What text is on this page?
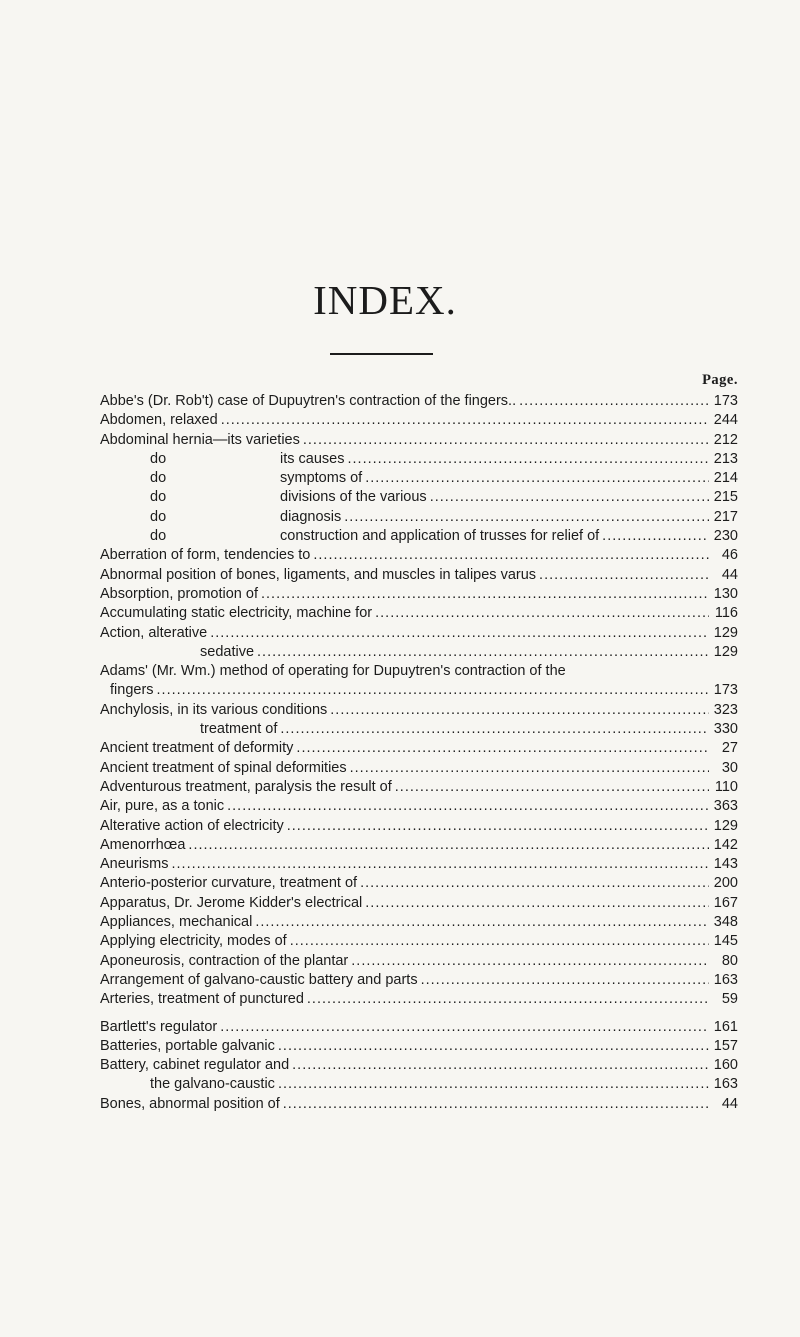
INDEX.
Page.
Abbe's (Dr. Rob't) case of Dupuytren's contraction of the fingers.. .....	173
Abdomen, relaxed .....	244
Abdominal hernia—its varieties .....	212
do	its causes .....	213
do	symptoms of .....	214
do	divisions of the various .....	215
do	diagnosis .....	217
do	construction and application of trusses for relief of .....	230
Aberration of form, tendencies to .....	46
Abnormal position of bones, ligaments, and muscles in talipes varus .....	44
Absorption, promotion of .....	130
Accumulating static electricity, machine for .....	116
Action, alterative .....	129
sedative .....	129
Adams' (Mr. Wm.) method of operating for Dupuytren's contraction of the
fingers .....	173
Anchylosis, in its various conditions .....	323
treatment of .....	330
Ancient treatment of deformity .....	27
Ancient treatment of spinal deformities .....	30
Adventurous treatment, paralysis the result of .....	110
Air, pure, as a tonic .....	363
Alterative action of electricity .....	129
Amenorrhœa .....	142
Aneurisms .....	143
Anterio-posterior curvature, treatment of .....	200
Apparatus, Dr. Jerome Kidder's electrical .....	167
Appliances, mechanical .....	348
Applying electricity, modes of .....	145
Aponeurosis, contraction of the plantar .....	80
Arrangement of galvano-caustic battery and parts .....	163
Arteries, treatment of punctured .....	59
Bartlett's regulator .....	161
Batteries, portable galvanic .....	157
Battery, cabinet regulator and .....	160
the galvano-caustic .....	163
Bones, abnormal position of .....	44
